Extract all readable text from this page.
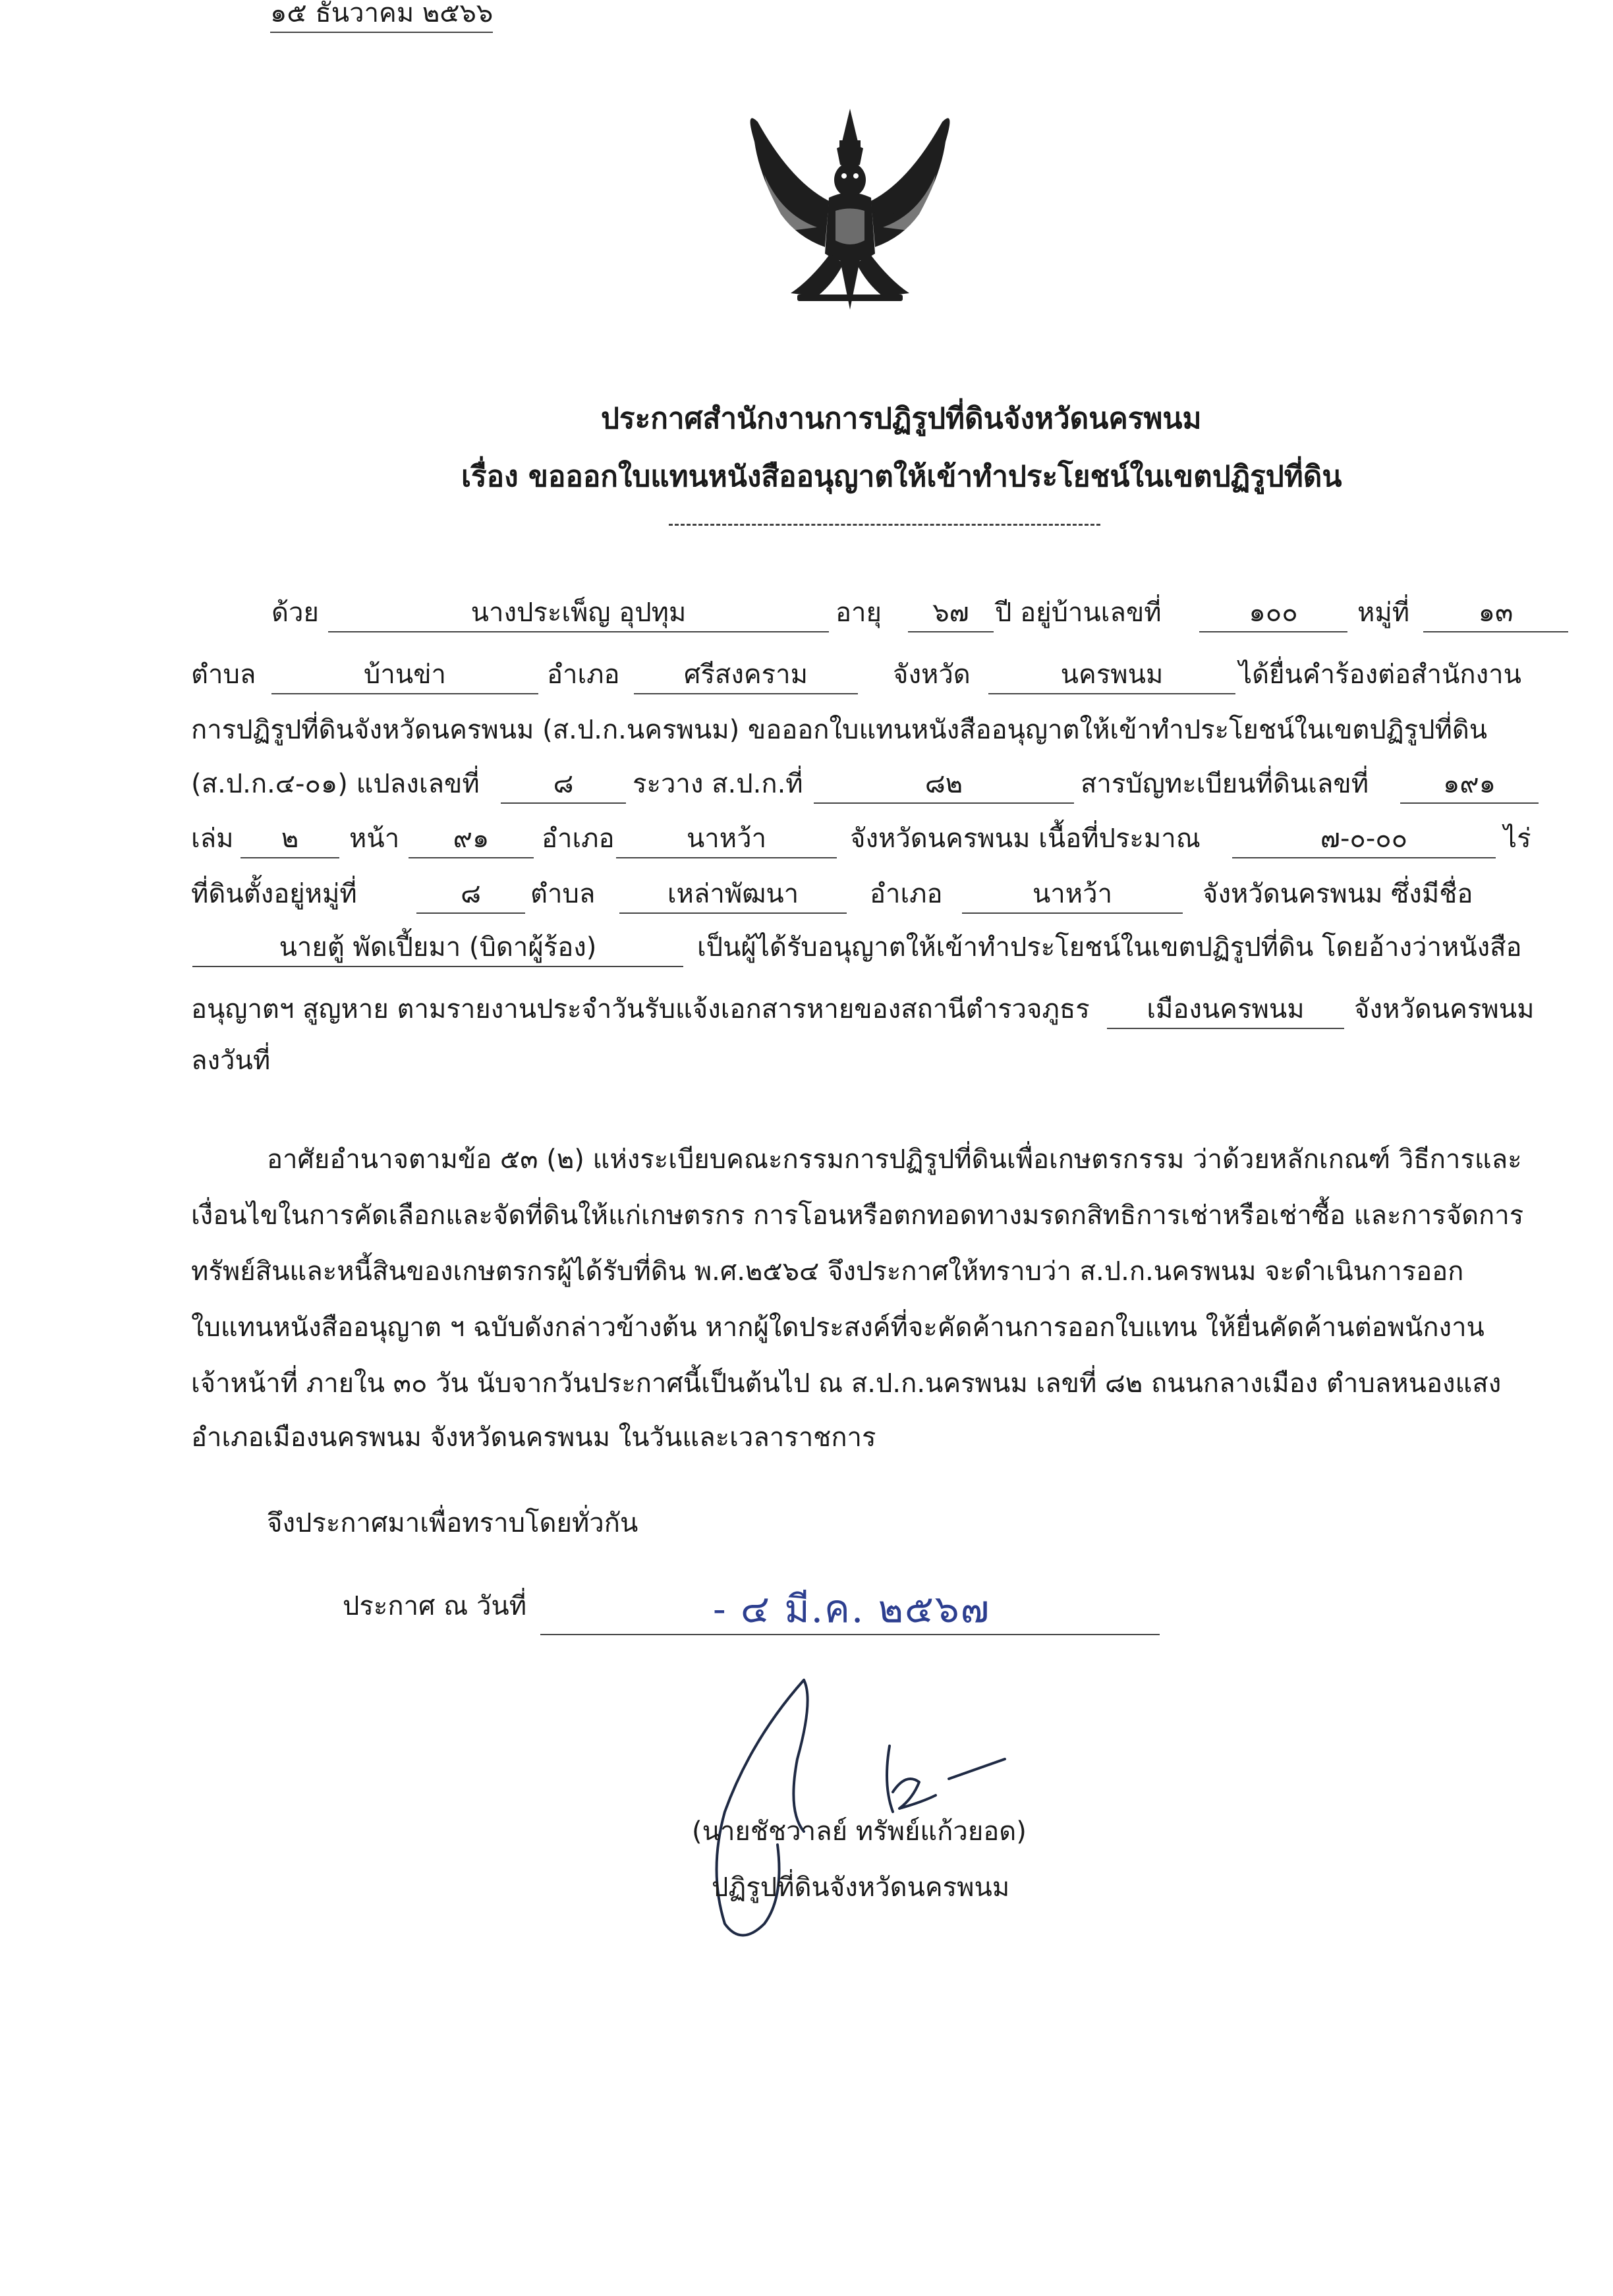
ประกาศสำนักงานการปฏิรูปที่ดินจังหวัดนครพนม
เรื่อง ขอออกใบแทนหนังสืออนุญาตให้เข้าทำประโยชน์ในเขตปฏิรูปที่ดิน
ด้วย	นางประเพ็ญ อุปทุม	อายุ	๖๗ ปี อยู่บ้านเลขที่	๑๐๐	หมู่ที่	๑๓
ตำบล	บ้านข่า	อำเภอ	ศรีสงคราม	จังหวัด	นครพนม	ได้ยื่นคำร้องต่อสำนักงาน
การปฏิรูปที่ดินจังหวัดนครพนม (ส.ป.ก.นครพนม) ขอออกใบแทนหนังสืออนุญาตให้เข้าทำประโยชน์ในเขตปฏิรูปที่ดิน
(ส.ป.ก.๔-๐๑) แปลงเลขที่	๘	ระวาง ส.ป.ก.ที่	๘๒	สารบัญทะเบียนที่ดินเลขที่	๑๙๑
เล่ม	๒	หน้า	๙๑	อำเภอ	นาหว้า	จังหวัดนครพนม เนื้อที่ประมาณ	๗-๐-๐๐	ไร่
ที่ดินตั้งอยู่หมู่ที่	๘	ตำบล	เหล่าพัฒนา	อำเภอ	นาหว้า	จังหวัดนครพนม ซึ่งมีชื่อ
นายตู้ พัดเปี้ยมา (บิดาผู้ร้อง)	เป็นผู้ได้รับอนุญาตให้เข้าทำประโยชน์ในเขตปฏิรูปที่ดิน โดยอ้างว่าหนังสือ
อนุญาตฯ สูญหาย ตามรายงานประจำวันรับแจ้งเอกสารหายของสถานีตำรวจภูธร	เมืองนครพนม	จังหวัดนครพนม
ลงวันที่
๑๕ ธันวาคม ๒๕๖๖
อาศัยอำนาจตามข้อ ๕๓ (๒) แห่งระเบียบคณะกรรมการปฏิรูปที่ดินเพื่อเกษตรกรรม ว่าด้วยหลักเกณฑ์ วิธีการและ
เงื่อนไขในการคัดเลือกและจัดที่ดินให้แก่เกษตรกร การโอนหรือตกทอดทางมรดกสิทธิการเช่าหรือเช่าซื้อ และการจัดการ
ทรัพย์สินและหนี้สินของเกษตรกรผู้ได้รับที่ดิน พ.ศ.๒๕๖๔ จึงประกาศให้ทราบว่า ส.ป.ก.นครพนม จะดำเนินการออก
ใบแทนหนังสืออนุญาต ฯ ฉบับดังกล่าวข้างต้น หากผู้ใดประสงค์ที่จะคัดค้านการออกใบแทน ให้ยื่นคัดค้านต่อพนักงาน
เจ้าหน้าที่ ภายใน ๓๐ วัน นับจากวันประกาศนี้เป็นต้นไป ณ ส.ป.ก.นครพนม เลขที่ ๘๒ ถนนกลางเมือง ตำบลหนองแสง
อำเภอเมืองนครพนม จังหวัดนครพนม ในวันและเวลาราชการ
จึงประกาศมาเพื่อทราบโดยทั่วกัน
ประกาศ ณ วันที่	- ๔ มี.ค. ๒๕๖๗
(นายชัชวาลย์ ทรัพย์แก้วยอด)
ปฏิรูปที่ดินจังหวัดนครพนม
